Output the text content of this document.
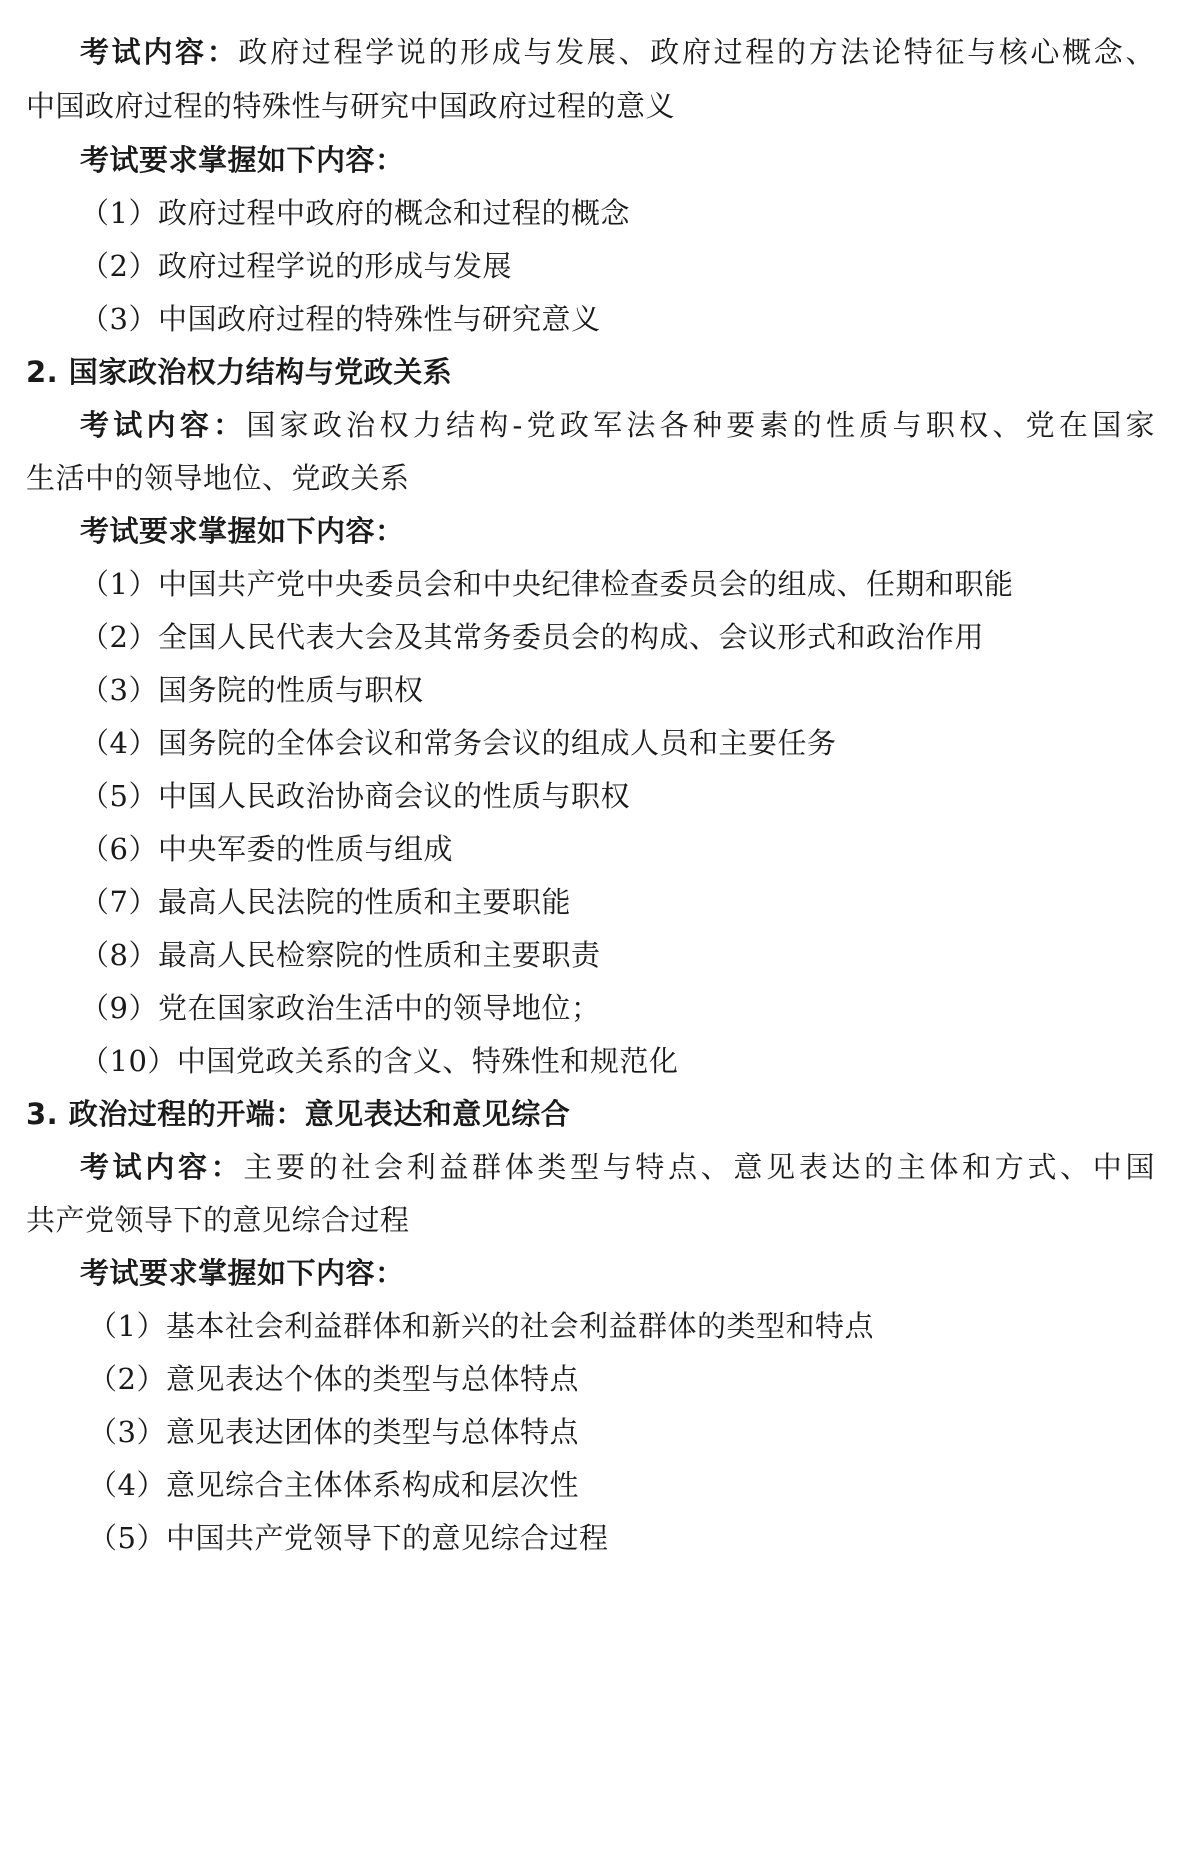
考试内容：政府过程学说的形成与发展、政府过程的方法论特征与核心概念、
中国政府过程的特殊性与研究中国政府过程的意义
考试要求掌握如下内容：
（1）政府过程中政府的概念和过程的概念
（2）政府过程学说的形成与发展
（3）中国政府过程的特殊性与研究意义
2. 国家政治权力结构与党政关系
考试内容：国家政治权力结构-党政军法各种要素的性质与职权、党在国家
生活中的领导地位、党政关系
考试要求掌握如下内容：
（1）中国共产党中央委员会和中央纪律检查委员会的组成、任期和职能
（2）全国人民代表大会及其常务委员会的构成、会议形式和政治作用
（3）国务院的性质与职权
（4）国务院的全体会议和常务会议的组成人员和主要任务
（5）中国人民政治协商会议的性质与职权
（6）中央军委的性质与组成
（7）最高人民法院的性质和主要职能
（8）最高人民检察院的性质和主要职责
（9）党在国家政治生活中的领导地位；
（10）中国党政关系的含义、特殊性和规范化
3. 政治过程的开端：意见表达和意见综合
考试内容：主要的社会利益群体类型与特点、意见表达的主体和方式、中国
共产党领导下的意见综合过程
考试要求掌握如下内容：
（1）基本社会利益群体和新兴的社会利益群体的类型和特点
（2）意见表达个体的类型与总体特点
（3）意见表达团体的类型与总体特点
（4）意见综合主体体系构成和层次性
（5）中国共产党领导下的意见综合过程
